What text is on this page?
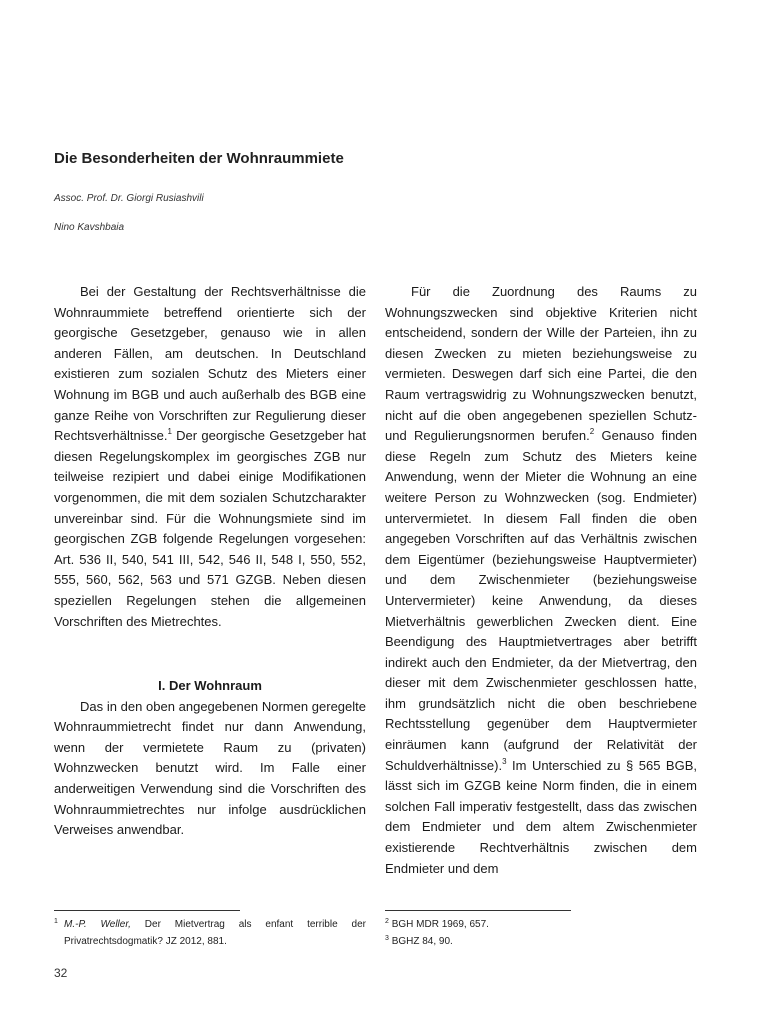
Die Besonderheiten der Wohnraummiete
Assoc. Prof. Dr. Giorgi Rusiashvili
Nino Kavshbaia

Bei der Gestaltung der Rechtsverhältnisse die Wohnraummiete betreffend orientierte sich der georgische Gesetzgeber, genauso wie in allen anderen Fällen, am deutschen. In Deutschland existieren zum sozialen Schutz des Mieters einer Wohnung im BGB und auch außerhalb des BGB eine ganze Reihe von Vorschriften zur Regulierung dieser Rechtsverhältnisse.$^1$ Der georgische Gesetzgeber hat diesen Regelungskomplex im georgisches ZGB nur teilweise rezipiert und dabei einige Modifikationen vorgenommen, die mit dem sozialen Schutzcharakter unvereinbar sind. Für die Wohnungsmiete sind im georgischen ZGB folgende Regelungen vorgesehen: Art. 536 II, 540, 541 III, 542, 546 II, 548 I, 550, 552, 555, 560, 562, 563 und 571 GZGB. Neben diesen speziellen Regelungen stehen die allgemeinen Vorschriften des Mietrechtes.

I. Der Wohnraum

Das in den oben angegebenen Normen geregelte Wohnraummietrecht findet nur dann Anwendung, wenn der vermietete Raum zu (privaten) Wohnzwecken benutzt wird. Im Falle einer anderweitigen Verwendung sind die Vorschriften des Wohnraummietrechtes nur infolge ausdrücklichen Verweises anwendbar.

Für die Zuordnung des Raums zu Wohnungszwecken sind objektive Kriterien nicht entscheidend, sondern der Wille der Parteien, ihn zu diesen Zwecken zu mieten beziehungsweise zu vermieten. Deswegen darf sich eine Partei, die den Raum vertragswidrig zu Wohnungszwecken benutzt, nicht auf die oben angegebenen speziellen Schutz- und Regulierungsnormen berufen.$^2$ Genauso finden diese Regeln zum Schutz des Mieters keine Anwendung, wenn der Mieter die Wohnung an eine weitere Person zu Wohnzwecken (sog. Endmieter) untervermietet. In diesem Fall finden die oben angegeben Vorschriften auf das Verhältnis zwischen dem Eigentümer (beziehungsweise Hauptvermieter) und dem Zwischenmieter (beziehungsweise Untervermieter) keine Anwendung, da dieses Mietverhältnis gewerblichen Zwecken dient. Eine Beendigung des Hauptmietvertrages aber betrifft indirekt auch den Endmieter, da der Mietvertrag, den dieser mit dem Zwischenmieter geschlossen hatte, ihm grundsätzlich nicht die oben beschriebene Rechtsstellung gegenüber dem Hauptvermieter einräumen kann (aufgrund der Relativität der Schuldverhältnisse).$^3$ Im Unterschied zu § 565 BGB, lässt sich im GZGB keine Norm finden, die in einem solchen Fall imperativ festgestellt, dass das zwischen dem Endmieter und dem altem Zwischenmieter existierende Rechtverhältnis zwischen dem Endmieter und dem

$^1$ M.-P. Weller, Der Mietvertrag als enfant terrible der Privatrechtsdogmatik? JZ 2012, 881.
$^2$ BGH MDR 1969, 657.
$^3$ BGHZ 84, 90.
32
